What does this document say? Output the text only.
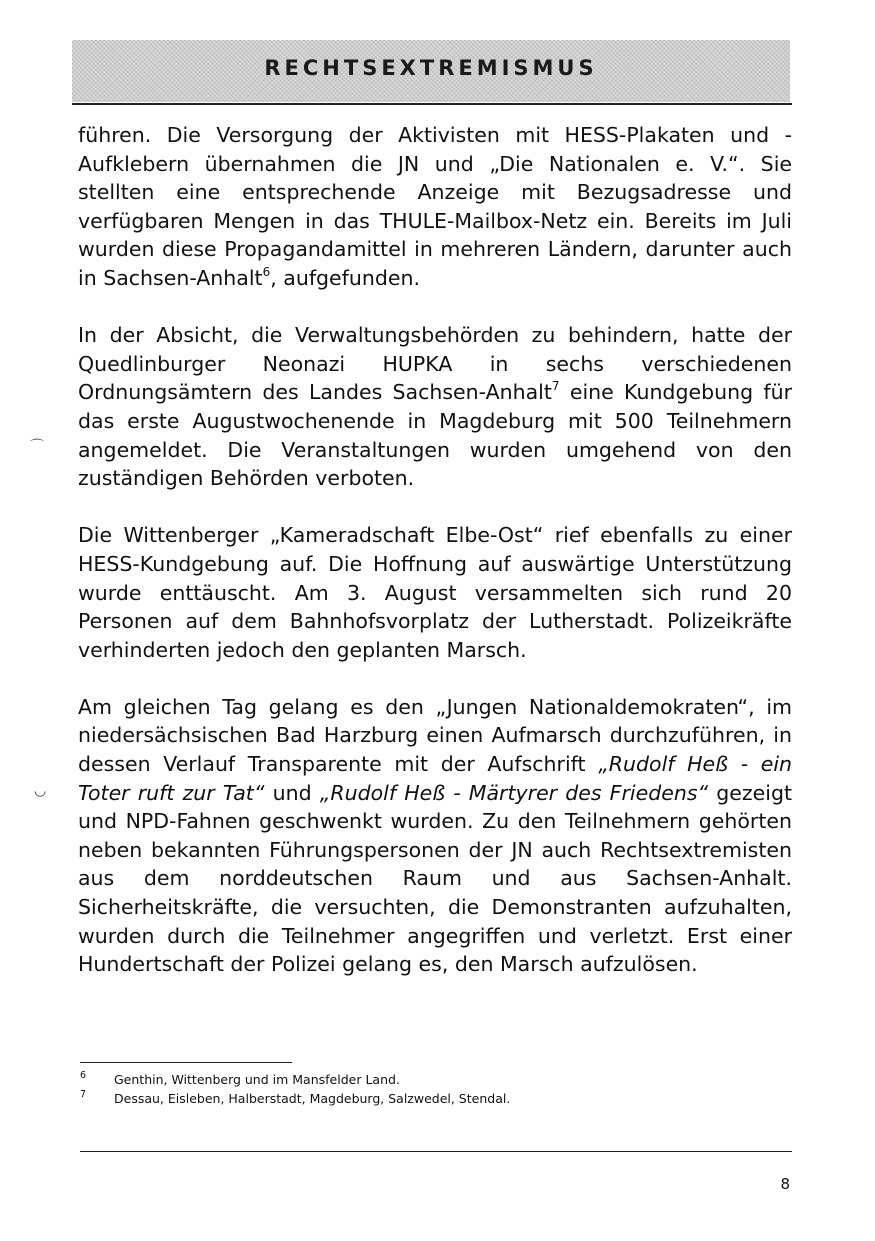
RECHTSEXTREMISMUS

führen. Die Versorgung der Aktivisten mit HESS-Plakaten und - Aufklebern übernahmen die JN und „Die Nationalen e. V.“. Sie stellten eine entsprechende Anzeige mit Bezugsadresse und verfügbaren Mengen in das THULE-Mailbox-Netz ein. Bereits im Juli wurden diese Propagandamittel in mehreren Ländern, darunter auch in Sachsen-Anhalt$^6$, aufgefunden.

In der Absicht, die Verwaltungsbehörden zu behindern, hatte der Quedlinburger Neonazi HUPKA in sechs verschiedenen Ordnungsämtern des Landes Sachsen-Anhalt$^7$ eine Kundgebung für das erste Augustwochenende in Magdeburg mit 500 Teilnehmern angemeldet. Die Veranstaltungen wurden umgehend von den zuständigen Behörden verboten.

Die Wittenberger „Kameradschaft Elbe-Ost“ rief ebenfalls zu einer HESS-Kundgebung auf. Die Hoffnung auf auswärtige Unterstützung wurde enttäuscht. Am 3. August versammelten sich rund 20 Personen auf dem Bahnhofsvorplatz der Lutherstadt. Polizeikräfte verhinderten jedoch den geplanten Marsch.

Am gleichen Tag gelang es den „Jungen Nationaldemokraten“, im niedersächsischen Bad Harzburg einen Aufmarsch durchzuführen, in dessen Verlauf Transparente mit der Aufschrift „Rudolf Heß - ein Toter ruft zur Tat“ und „Rudolf Heß - Märtyrer des Friedens“ gezeigt und NPD-Fahnen geschwenkt wurden. Zu den Teilnehmern gehörten neben bekannten Führungspersonen der JN auch Rechtsextremisten aus dem norddeutschen Raum und aus Sachsen-Anhalt. Sicherheitskräfte, die versuchten, die Demonstranten aufzuhalten, wurden durch die Teilnehmer angegriffen und verletzt. Erst einer Hundertschaft der Polizei gelang es, den Marsch aufzulösen.

6 Genthin, Wittenberg und im Mansfelder Land.
7 Dessau, Eisleben, Halberstadt, Magdeburg, Salzwedel, Stendal.
8
⌒
◡
